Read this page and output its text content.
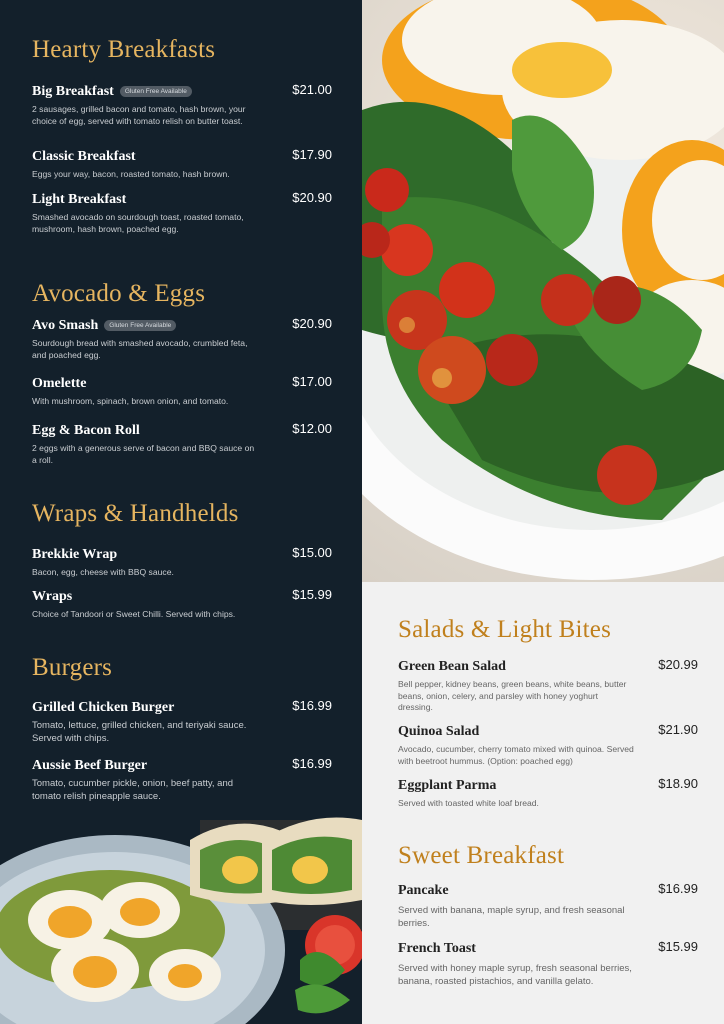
Hearty Breakfasts
Big Breakfast Gluten Free Available	$21.00
2 sausages, grilled bacon and tomato, hash brown, your choice of egg, served with tomato relish on butter toast.
Classic Breakfast	$17.90
Eggs your way, bacon, roasted tomato, hash brown.
Light Breakfast	$20.90
Smashed avocado on sourdough toast, roasted tomato, mushroom, hash brown, poached egg.
Avocado & Eggs
Avo Smash Gluten Free Available	$20.90
Sourdough bread with smashed avocado, crumbled feta, and poached egg.
Omelette	$17.00
With mushroom, spinach, brown onion, and tomato.
Egg & Bacon Roll	$12.00
2 eggs with a generous serve of bacon and BBQ sauce on a roll.
Wraps & Handhelds
Brekkie Wrap	$15.00
Bacon, egg, cheese with BBQ sauce.
Wraps	$15.99
Choice of Tandoori or Sweet Chilli. Served with chips.
Burgers
Grilled Chicken Burger	$16.99
Tomato, lettuce, grilled chicken, and teriyaki sauce. Served with chips.
Aussie Beef Burger	$16.99
Tomato, cucumber pickle, onion, beef patty, and tomato relish pineapple sauce.
Salads & Light Bites
Green Bean Salad	$20.99
Bell pepper, kidney beans, green beans, white beans, butter beans, onion, celery, and parsley with honey yoghurt dressing.
Quinoa Salad	$21.90
Avocado, cucumber, cherry tomato mixed with quinoa. Served with beetroot hummus. (Option: poached egg)
Eggplant Parma	$18.90
Served with toasted white loaf bread.
Sweet Breakfast
Pancake	$16.99
Served with banana, maple syrup, and fresh seasonal berries.
French Toast	$15.99
Served with honey maple syrup, fresh seasonal berries, banana, roasted pistachios, and vanilla gelato.
